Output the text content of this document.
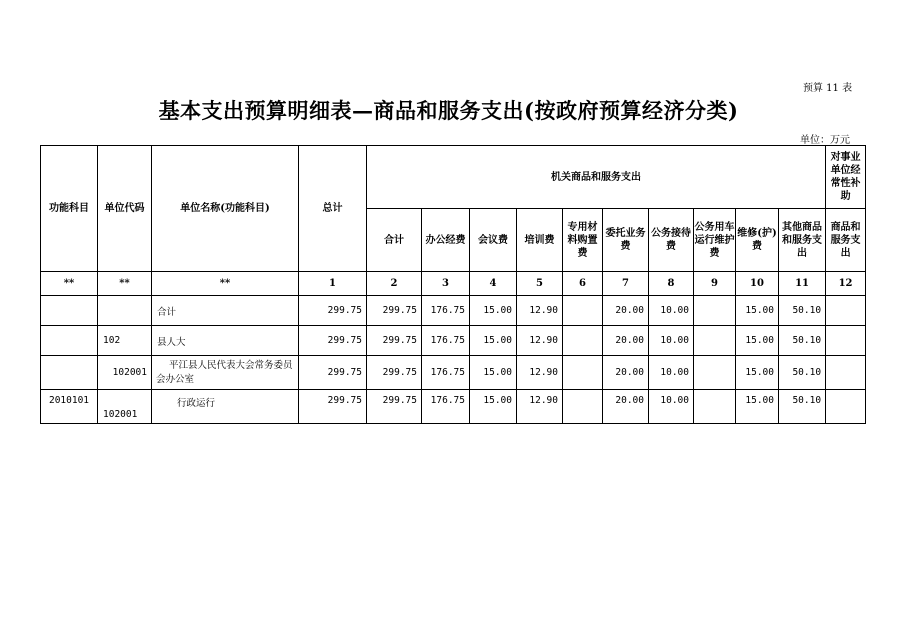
预算 11 表
基本支出预算明细表—商品和服务支出(按政府预算经济分类)
单位：万元
功能科目	单位代码	单位名称(功能科目)	总计	机关商品和服务支出										对事业单位经常性补助
				合计	办公经费	会议费	培训费	专用材料购置费	委托业务费	公务接待费	公务用车运行维护费	维修(护)费	其他商品和服务支出	商品和服务支出
**	**	**	1	2	3	4	5	6	7	8	9	10	11	12
		合计	299.75	299.75	176.75	15.00	12.90		20.00	10.00		15.00	50.10	
	102	县人大	299.75	299.75	176.75	15.00	12.90		20.00	10.00		15.00	50.10	
	102001	平江县人民代表大会常务委员会办公室	299.75	299.75	176.75	15.00	12.90		20.00	10.00		15.00	50.10	
2010101	102001	行政运行	299.75	299.75	176.75	15.00	12.90		20.00	10.00		15.00	50.10	
